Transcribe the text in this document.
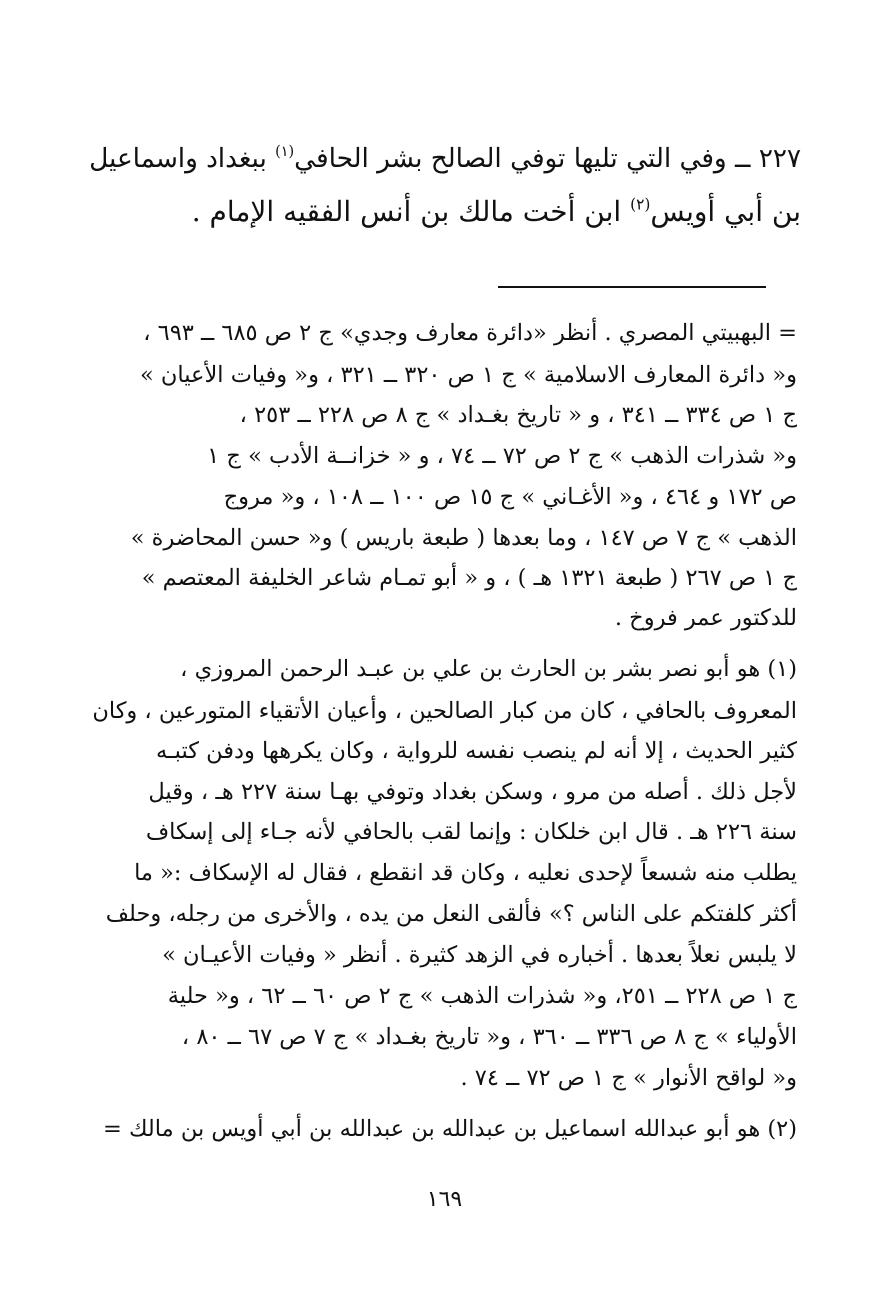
٢٢٧ ــ وفي التي تليها توفي الصالح بشر الحافي$^{(١)}$ ببغداد واسماعيل
بن أبي أويس$^{(٢)}$ ابن أخت مالك بن أنس الفقيه الإمام .
= البهبيتي المصري . أنظر «دائرة معارف وجدي» ج ٢ ص ٦٨٥ ــ ٦٩٣ ،
و« دائرة المعارف الاسلامية » ج ١ ص ٣٢٠ ــ ٣٢١ ، و« وفيات الأعيان »
ج ١ ص ٣٣٤ ــ ٣٤١ ، و « تاريخ بغـداد » ج ٨ ص ٢٢٨ ــ ٢٥٣ ،
و« شذرات الذهب » ج ٢ ص ٧٢ ــ ٧٤ ، و « خزانــة الأدب » ج ١
ص ١٧٢ و ٤٦٤ ، و« الأغـاني » ج ١٥ ص ١٠٠ ــ ١٠٨ ، و« مروج
الذهب » ج ٧ ص ١٤٧ ، وما بعدها ( طبعة باريس ) و« حسن المحاضرة »
ج ١ ص ٢٦٧ ( طبعة ١٣٢١ هـ ) ، و « أبو تمـام شاعر الخليفة المعتصم »
للدكتور عمر فروخ .
(١) هو أبو نصر بشر بن الحارث بن علي بن عبـد الرحمن المروزي ،
المعروف بالحافي ، كان من كبار الصالحين ، وأعيان الأتقياء المتورعين ، وكان
كثير الحديث ، إلا أنه لم ينصب نفسه للرواية ، وكان يكرهها ودفن كتبـه
لأجل ذلك . أصله من مرو ، وسكن بغداد وتوفي بهـا سنة ٢٢٧ هـ ، وقيل
سنة ٢٢٦ هـ . قال ابن خلكان : وإنما لقب بالحافي لأنه جـاء إلى إسكاف
يطلب منه شسعاً لإحدى نعليه ، وكان قد انقطع ، فقال له الإسكاف :« ما
أكثر كلفتكم على الناس ؟» فألقى النعل من يده ، والأخرى من رجله، وحلف
لا يلبس نعلاً بعدها . أخباره في الزهد كثيرة . أنظر « وفيات الأعيـان »
ج ١ ص ٢٢٨ ــ ٢٥١، و« شذرات الذهب » ج ٢ ص ٦٠ ــ ٦٢ ، و« حلية
الأولياء » ج ٨ ص ٣٣٦ ــ ٣٦٠ ، و« تاريخ بغـداد » ج ٧ ص ٦٧ ــ ٨٠ ،
و« لواقح الأنوار » ج ١ ص ٧٢ ــ ٧٤ .
(٢) هو أبو عبدالله اسماعيل بن عبدالله بن عبدالله بن أبي أويس بن مالك =
١٦٩
